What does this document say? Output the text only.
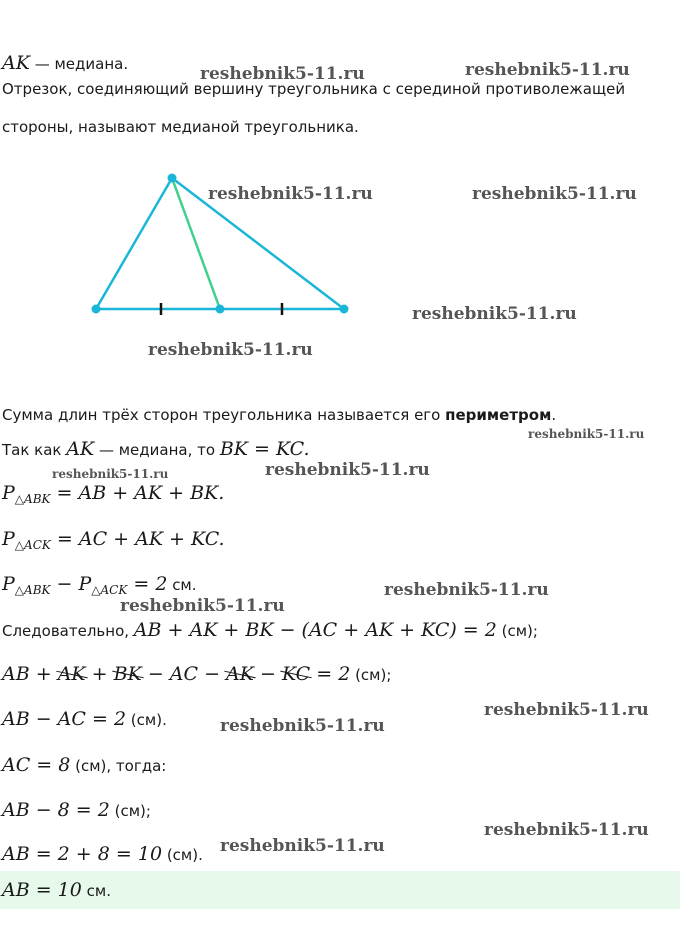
AK — медиана.
Отрезок, соединяющий вершину треугольника с серединой противолежащей
стороны, называют медианой треугольника.
Сумма длин трёх сторон треугольника называется его периметром.
Так как AK — медиана, то BK = KC.
$P_{\triangle ABK}$ = AB + AK + BK.
$P_{\triangle ACK}$ = AC + AK + KC.
$P_{\triangle ABK} - P_{\triangle ACK} = 2$ см.
Следовательно, AB + AK + BK − (AC + AK + KC) = 2 (см);
AB + AK + BK − AC − AK − KC = 2 (см);
AB − AC = 2 (см).
AC = 8 (см), тогда:
AB − 8 = 2 (см);
AB = 2 + 8 = 10 (см).
AB = 10 см.
reshebnik5-11.ru	reshebnik5-11.ru
reshebnik5-11.ru	reshebnik5-11.ru
reshebnik5-11.ru
reshebnik5-11.ru
reshebnik5-11.ru
reshebnik5-11.ru
reshebnik5-11.ru
reshebnik5-11.ru
reshebnik5-11.ru
reshebnik5-11.ru
reshebnik5-11.ru
reshebnik5-11.ru
reshebnik5-11.ru
